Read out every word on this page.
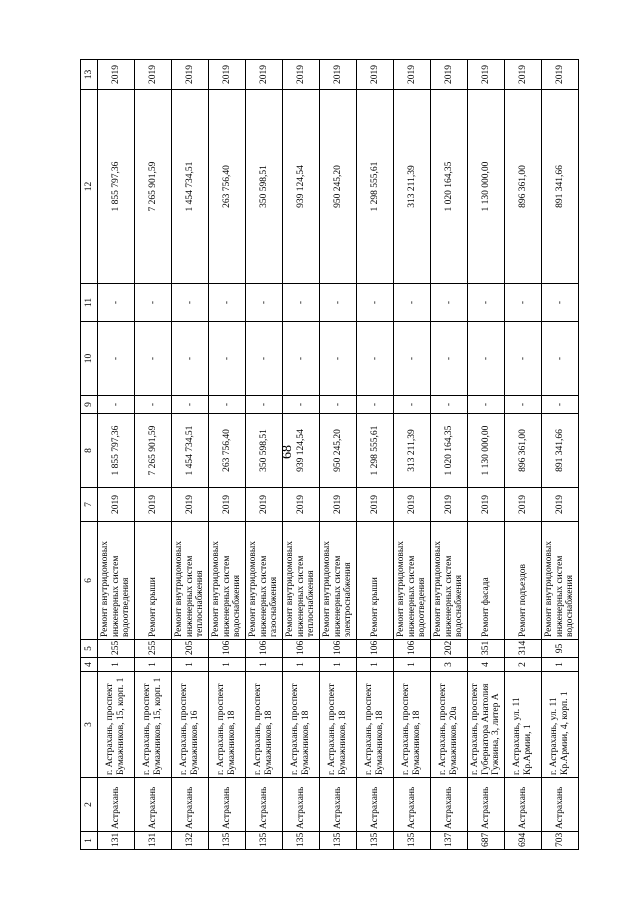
68
1	2	3	4	5	6	7	8	9	10	11	12	13
131	Астрахань	г. Астрахань, проспект Бумажников, 15, корп. 1	1	255	Ремонт внутридомовых инженерных систем водоотведения	2019	1 855 797,36	-	-	-	1 855 797,36	2019
131	Астрахань	г. Астрахань, проспект Бумажников, 15, корп. 1	1	255	Ремонт крыши	2019	7 265 901,59	-	-	-	7 265 901,59	2019
132	Астрахань	г. Астрахань, проспект Бумажников, 16	1	205	Ремонт внутридомовых инженерных систем теплоснабжения	2019	1 454 734,51	-	-	-	1 454 734,51	2019
135	Астрахань	г. Астрахань, проспект Бумажников, 18	1	106	Ремонт внутридомовых инженерных систем водоснабжения	2019	263 756,40	-	-	-	263 756,40	2019
135	Астрахань	г. Астрахань, проспект Бумажников, 18	1	106	Ремонт внутридомовых инженерных систем газоснабжения	2019	350 598,51	-	-	-	350 598,51	2019
135	Астрахань	г. Астрахань, проспект Бумажников, 18	1	106	Ремонт внутридомовых инженерных систем теплоснабжения	2019	939 124,54	-	-	-	939 124,54	2019
135	Астрахань	г. Астрахань, проспект Бумажников, 18	1	106	Ремонт внутридомовых инженерных систем электроснабжения	2019	950 245,20	-	-	-	950 245,20	2019
135	Астрахань	г. Астрахань, проспект Бумажников, 18	1	106	Ремонт крыши	2019	1 298 555,61	-	-	-	1 298 555,61	2019
135	Астрахань	г. Астрахань, проспект Бумажников, 18	1	106	Ремонт внутридомовых инженерных систем водоотведения	2019	313 211,39	-	-	-	313 211,39	2019
137	Астрахань	г. Астрахань, проспект Бумажников, 20а	3	202	Ремонт внутридомовых инженерных систем водоснабжения	2019	1 020 164,35	-	-	-	1 020 164,35	2019
687	Астрахань	г. Астрахань, проспект Губернатора Анатолия Гужвина, 3, литер А	4	351	Ремонт фасада	2019	1 130 000,00	-	-	-	1 130 000,00	2019
694	Астрахань	г. Астрахань, ул. 11 Кр.Армии, 1	2	314	Ремонт подъездов	2019	896 361,00	-	-	-	896 361,00	2019
703	Астрахань	г. Астрахань, ул. 11 Кр.Армии, 4, корп. 1	1	95	Ремонт внутридомовых инженерных систем водоснабжения	2019	891 341,66	-	-	-	891 341,66	2019
